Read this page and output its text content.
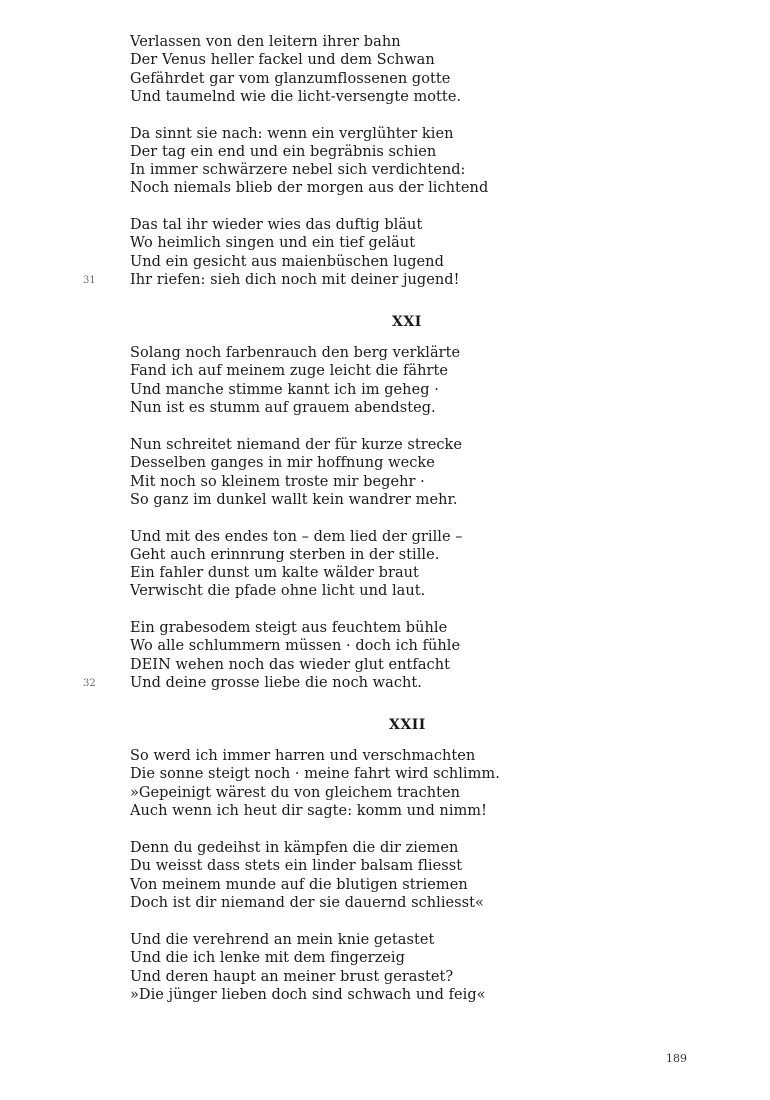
Verlassen von den leitern ihrer bahn
Der Venus heller fackel und dem Schwan
Gefährdet gar vom glanzumflossenen gotte
Und taumelnd wie die licht-versengte motte.
Da sinnt sie nach: wenn ein verglühter kien
Der tag ein end und ein begräbnis schien
In immer schwärzere nebel sich verdichtend:
Noch niemals blieb der morgen aus der lichtend
Das tal ihr wieder wies das duftig bläut
Wo heimlich singen und ein tief geläut
Und ein gesicht aus maienbüschen lugend
31 Ihr riefen: sieh dich noch mit deiner jugend!
XXI
Solang noch farbenrauch den berg verklärte
Fand ich auf meinem zuge leicht die fährte
Und manche stimme kannt ich im geheg ·
Nun ist es stumm auf grauem abendsteg.
Nun schreitet niemand der für kurze strecke
Desselben ganges in mir hoffnung wecke
Mit noch so kleinem troste mir begehr ·
So ganz im dunkel wallt kein wandrer mehr.
Und mit des endes ton – dem lied der grille –
Geht auch erinnrung sterben in der stille.
Ein fahler dunst um kalte wälder braut
Verwischt die pfade ohne licht und laut.
Ein grabesodem steigt aus feuchtem bühle
Wo alle schlummern müssen · doch ich fühle
DEIN wehen noch das wieder glut entfacht
32 Und deine grosse liebe die noch wacht.
XXII
So werd ich immer harren und verschmachten
Die sonne steigt noch · meine fahrt wird schlimm.
»Gepeinigt wärest du von gleichem trachten
Auch wenn ich heut dir sagte: komm und nimm!
Denn du gedeihst in kämpfen die dir ziemen
Du weisst dass stets ein linder balsam fliesst
Von meinem munde auf die blutigen striemen
Doch ist dir niemand der sie dauernd schliesst«
Und die verehrend an mein knie getastet
Und die ich lenke mit dem fingerzeig
Und deren haupt an meiner brust gerastet?
»Die jünger lieben doch sind schwach und feig«
189
